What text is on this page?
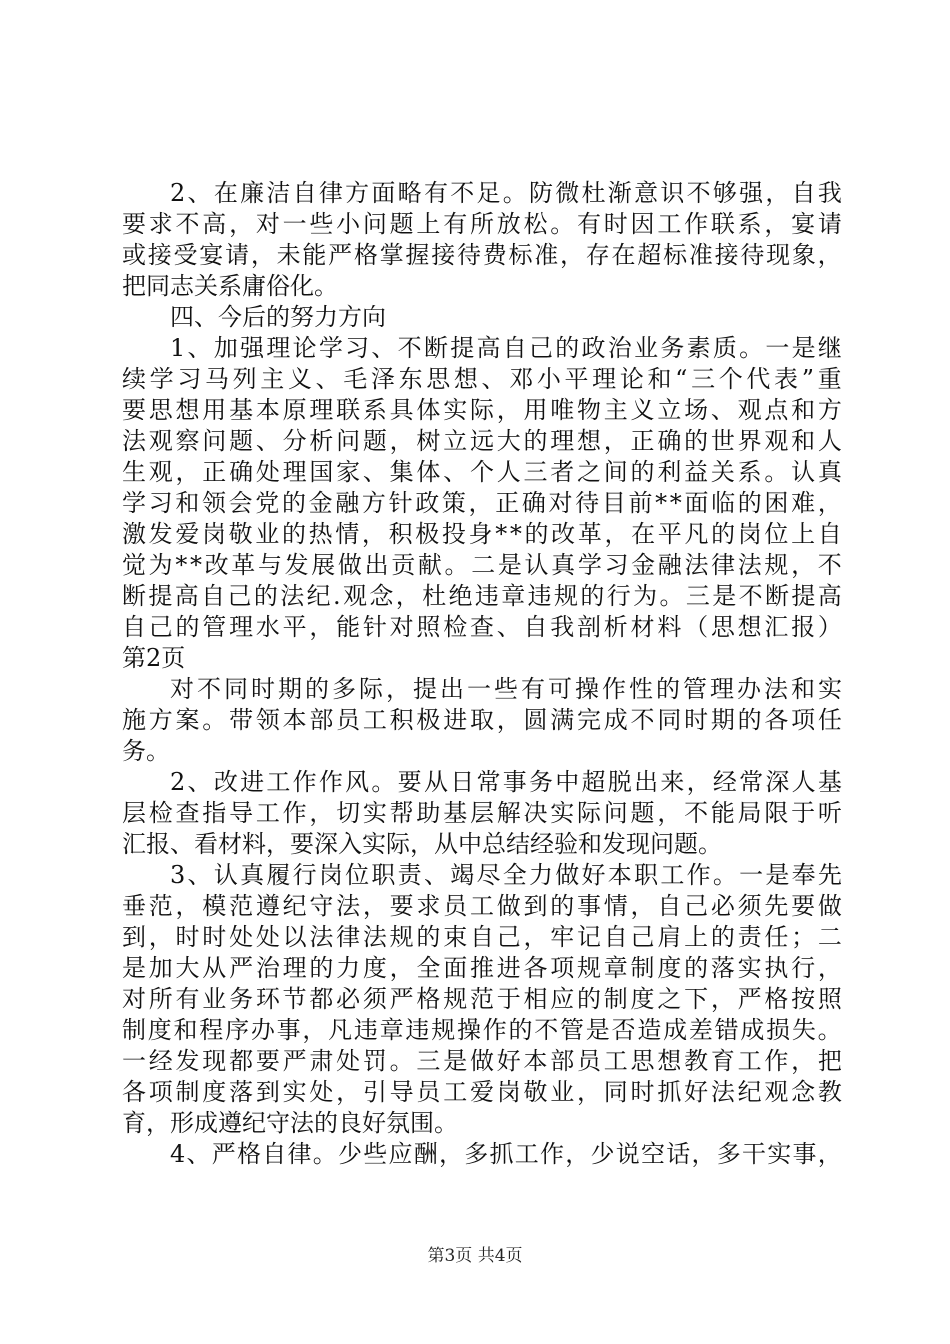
2 、 在 廉 洁 自 律 方 面 略 有 不 足 。 防 微 杜 渐 意 识 不 够 强 ， 自 我
要 求 不 高 ， 对 一 些 小 问 题 上 有 所 放 松 。 有 时 因 工 作 联 系 ， 宴 请
或 接 受 宴 请 ， 未 能 严 格 掌 握 接 待 费 标 准 ， 存 在 超 标 准 接 待 现 象 ，
把 同 志 关 系 庸 俗 化 。
四 、 今 后 的 努 力 方 向
1 、 加 强 理 论 学 习 、 不 断 提 高 自 己 的 政 治 业 务 素 质 。 一 是 继
续 学 习 马 列 主 义 、 毛 泽 东 思 想 、 邓 小 平 理 论 和 “ 三 个 代 表 ” 重
要 思 想 用 基 本 原 理 联 系 具 体 实 际 ， 用 唯 物 主 义 立 场 、 观 点 和 方
法 观 察 问 题 、 分 析 问 题 ， 树 立 远 大 的 理 想 ， 正 确 的 世 界 观 和 人
生 观 ， 正 确 处 理 国 家 、 集 体 、 个 人 三 者 之 间 的 利 益 关 系 。 认 真
学 习 和 领 会 党 的 金 融 方 针 政 策 ， 正 确 对 待 目 前 * * 面 临 的 困 难 ，
激 发 爱 岗 敬 业 的 热 情 ， 积 极 投 身 * * 的 改 革 ， 在 平 凡 的 岗 位 上 自
觉 为 * * 改 革 与 发 展 做 出 贡 献 。 二 是 认 真 学 习 金 融 法 律 法 规 ， 不
断 提 高 自 己 的 法 纪 . 观 念 ， 杜 绝 违 章 违 规 的 行 为 。 三 是 不 断 提 高
自 己 的 管 理 水 平 ， 能 针 对 照 检 查 、 自 我 剖 析 材 料 （ 思 想 汇 报 ）
第 2 页
对 不 同 时 期 的 多 际 ， 提 出 一 些 有 可 操 作 性 的 管 理 办 法 和 实
施 方 案 。 带 领 本 部 员 工 积 极 进 取 ， 圆 满 完 成 不 同 时 期 的 各 项 任
务 。
2 、 改 进 工 作 作 风 。 要 从 日 常 事 务 中 超 脱 出 来 ， 经 常 深 人 基
层 检 查 指 导 工 作 ， 切 实 帮 助 基 层 解 决 实 际 问 题 ， 不 能 局 限 于 听
汇 报 、 看 材 料 ， 要 深 入 实 际 ， 从 中 总 结 经 验 和 发 现 问 题 。
3 、 认 真 履 行 岗 位 职 责 、 竭 尽 全 力 做 好 本 职 工 作 。 一 是 奉 先
垂 范 ， 模 范 遵 纪 守 法 ， 要 求 员 工 做 到 的 事 情 ， 自 己 必 须 先 要 做
到 ， 时 时 处 处 以 法 律 法 规 的 束 自 己 ， 牢 记 自 己 肩 上 的 责 任 ； 二
是 加 大 从 严 治 理 的 力 度 ， 全 面 推 进 各 项 规 章 制 度 的 落 实 执 行 ，
对 所 有 业 务 环 节 都 必 须 严 格 规 范 于 相 应 的 制 度 之 下 ， 严 格 按 照
制 度 和 程 序 办 事 ， 凡 违 章 违 规 操 作 的 不 管 是 否 造 成 差 错 成 损 失 。
一 经 发 现 都 要 严 肃 处 罚 。 三 是 做 好 本 部 员 工 思 想 教 育 工 作 ， 把
各 项 制 度 落 到 实 处 ， 引 导 员 工 爱 岗 敬 业 ， 同 时 抓 好 法 纪 观 念 教
育 ， 形 成 遵 纪 守 法 的 良 好 氛 围 。
4 、 严 格 自 律 。 少 些 应 酬 ， 多 抓 工 作 ， 少 说 空 话 ， 多 干 实 事 ，
第3页 共4页
